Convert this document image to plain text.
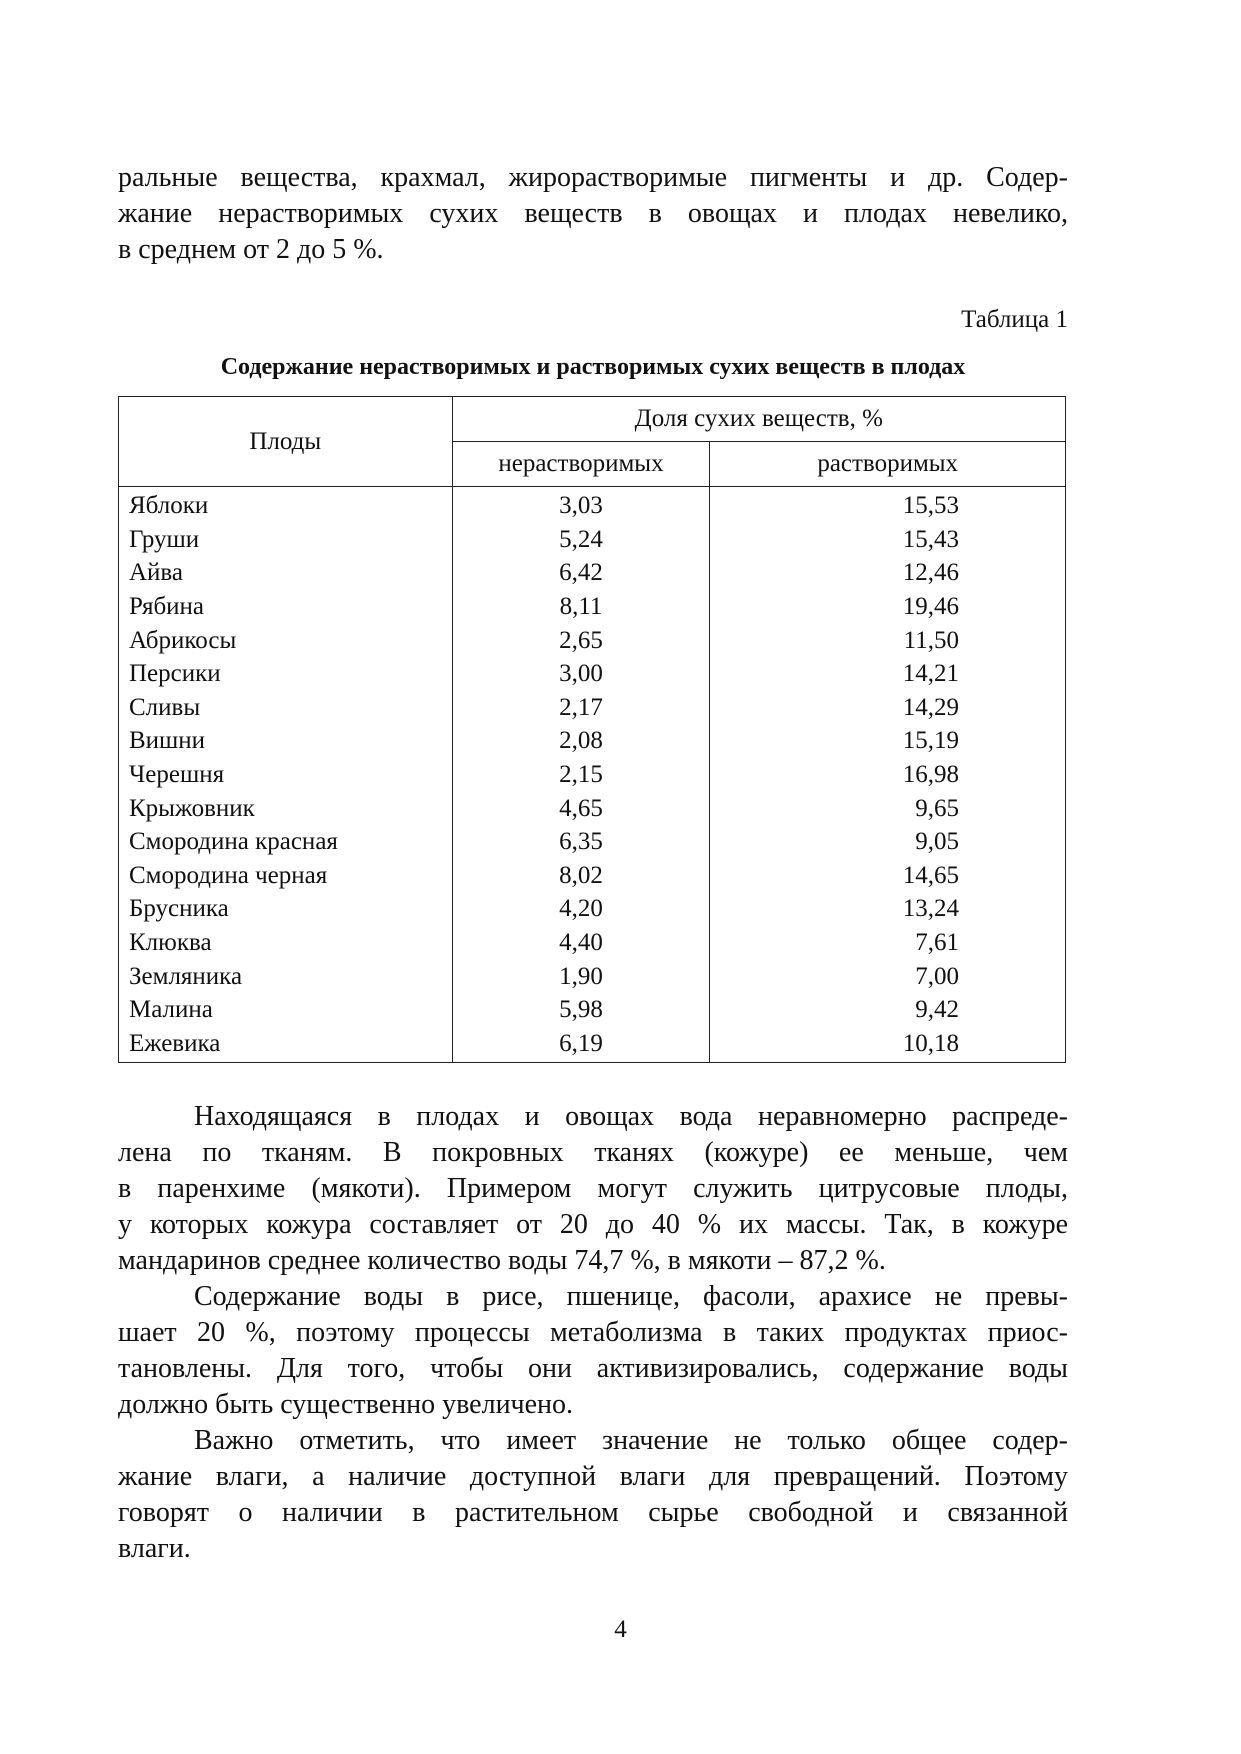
ральные вещества, крахмал, жирорастворимые пигменты и др. Содер-
жание нерастворимых сухих веществ в овощах и плодах невелико,
в среднем от 2 до 5 %.

Таблица 1
Содержание нерастворимых и растворимых сухих веществ в плодах
Плоды	Доля сухих веществ, %	
	нерастворимых	растворимых
Яблоки	3,03	15,53
Груши	5,24	15,43
Айва	6,42	12,46
Рябина	8,11	19,46
Абрикосы	2,65	11,50
Персики	3,00	14,21
Сливы	2,17	14,29
Вишни	2,08	15,19
Черешня	2,15	16,98
Крыжовник	4,65	9,65
Смородина красная	6,35	9,05
Смородина черная	8,02	14,65
Брусника	4,20	13,24
Клюква	4,40	7,61
Земляника	1,90	7,00
Малина	5,98	9,42
Ежевика	6,19	10,18

Находящаяся в плодах и овощах вода неравномерно распреде-
лена по тканям. В покровных тканях (кожуре) ее меньше, чем
в паренхиме (мякоти). Примером могут служить цитрусовые плоды,
у которых кожура составляет от 20 до 40 % их массы. Так, в кожуре
мандаринов среднее количество воды 74,7 %, в мякоти – 87,2 %.

Содержание воды в рисе, пшенице, фасоли, арахисе не превы-
шает 20 %, поэтому процессы метаболизма в таких продуктах приос-
тановлены. Для того, чтобы они активизировались, содержание воды
должно быть существенно увеличено.

Важно отметить, что имеет значение не только общее содер-
жание влаги, а наличие доступной влаги для превращений. Поэтому
говорят о наличии в растительном сырье свободной и связанной
влаги.

4
